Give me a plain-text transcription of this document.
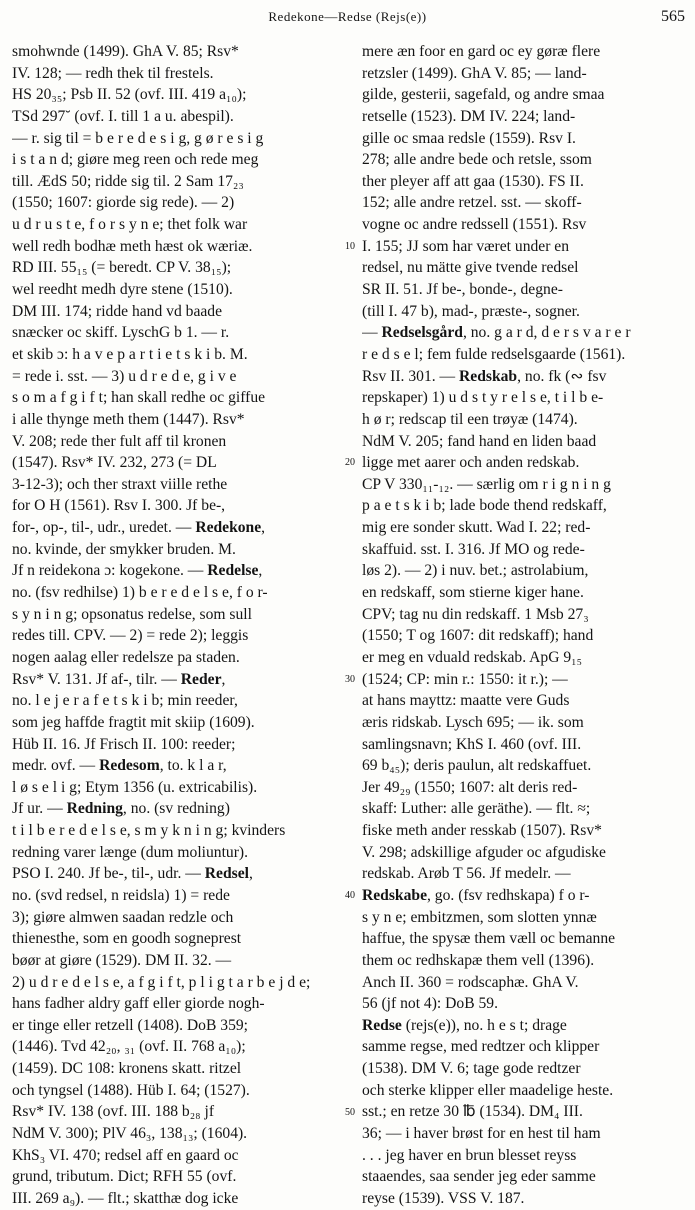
Redekone—Redse (Rejs(e))	565
smohwnde (1499). GhA V. 85; Rsv*
IV. 128; — redh thek til frestels.
HS 20₃₅; Psb II. 52 (ovf. III. 419 a₁₀);
TSd 297˘ (ovf. I. till 1 a u. abespil).
— r. sig til = b e r e d e s i g, g ø r e s i g
i s t a n d; giøre meg reen och rede meg
till. ÆdS 50; ridde sig til. 2 Sam 17₂₃
(1550; 1607: giorde sig rede). — 2)
u d r u s t e, f o r s y n e; thet folk war
well redh bodhæ meth hæst ok wæriæ.
RD III. 55₁₅ (= beredt. CP V. 38₁₅);
wel reedht medh dyre stene (1510).
DM III. 174; ridde hand vd baade
snæcker oc skiff. LyschG b 1. — r.
et skib ɔ: h a v e p a r t i e t s k i b. M.
= rede i. sst. — 3) u d r e d e, g i v e
s o m a f g i f t; han skall redhe oc giffue
i alle thynge meth them (1447). Rsv*
V. 208; rede ther fult aff til kronen
(1547). Rsv* IV. 232, 273 (= DL
3-12-3); och ther straxt viille rethe
for O H (1561). Rsv I. 300. Jf be-,
for-, op-, til-, udr., uredet. — Redekone,
no. kvinde, der smykker bruden. M.
Jf n reidekona ɔ: kogekone. — Redelse,
no. (fsv redhilse) 1) b e r e d e l s e, f o r-
s y n i n g; opsonatus redelse, som sull
redes till. CPV. — 2) = rede 2); leggis
nogen aalag eller redelsze pa staden.
Rsv* V. 131. Jf af-, tilr. — Reder,
no. l e j e r a f e t s k i b; min reeder,
som jeg haffde fragtit mit skiip (1609).
Hüb II. 16. Jf Frisch II. 100: reeder;
medr. ovf. — Redesom, to. k l a r,
l ø s e l i g; Etym 1356 (u. extricabilis).
Jf ur. — Redning, no. (sv redning)
t i l b e r e d e l s e, s m y k n i n g; kvinders
redning varer længe (dum moliuntur).
PSO I. 240. Jf be-, til-, udr. — Redsel,
no. (svd redsel, n reidsla) 1) = rede
3); giøre almwen saadan redzle och
thienesthe, som en goodh sogneprest
bøør at giøre (1529). DM II. 32. —
2) u d r e d e l s e, a f g i f t, p l i g t a r b e j d e;
hans fadher aldry gaff eller giorde nogh-
er tinge eller retzell (1408). DoB 359;
(1446). Tvd 42₂₀, ₃₁ (ovf. II. 768 a₁₀);
(1459). DC 108: kronens skatt. ritzel
och tyngsel (1488). Hüb I. 64; (1527).
Rsv* IV. 138 (ovf. III. 188 b₂₈ jf
NdM V. 300); PlV 46₃, 138₁₃; (1604).
KhS₃ VI. 470; redsel aff en gaard oc
grund, tributum. Dict; RFH 55 (ovf.
III. 269 a₉). — flt.; skatthæ dog icke
10
20
30
40
50
mere æn foor en gard oc ey gøræ flere
retzsler (1499). GhA V. 85; — land-
gilde, gesterii, sagefald, og andre smaa
retselle (1523). DM IV. 224; land-
gille oc smaa redsle (1559). Rsv I.
278; alle andre bede och retsle, ssom
ther pleyer aff att gaa (1530). FS II.
152; alle andre retzel. sst. — skoff-
vogne oc andre redssell (1551). Rsv
I. 155; JJ som har været under en
redsel, nu mätte give tvende redsel
SR II. 51. Jf be-, bonde-, degne-
(till I. 47 b), mad-, præste-, sogner.
— Redselsgård, no. g a r d, d e r s v a r e r
r e d s e l; fem fulde redselsgaarde (1561).
Rsv II. 301. — Redskab, no. fk (∾ fsv
repskaper) 1) u d s t y r e l s e, t i l b e-
h ø r; redscap til een trøyæ (1474).
NdM V. 205; fand hand en liden baad
ligge met aarer och anden redskab.
CP V 330₁₁-₁₂. — særlig om r i g n i n g
p a e t s k i b; lade bode thend redskaff,
mig ere sonder skutt. Wad I. 22; red-
skaffuid. sst. I. 316. Jf MO og rede-
løs 2). — 2) i nuv. bet.; astrolabium,
en redskaff, som stierne kiger hane.
CPV; tag nu din redskaff. 1 Msb 27₃
(1550; T og 1607: dit redskaff); hand
er meg en vduald redskab. ApG 9₁₅
(1524; CP: min r.: 1550: it r.); —
at hans mayttz: maatte vere Guds
æris ridskab. Lysch 695; — ik. som
samlingsnavn; KhS I. 460 (ovf. III.
69 b₄₅); deris paulun, alt redskaffuet.
Jer 49₂₉ (1550; 1607: alt deris red-
skaff: Luther: alle geräthe). — flt. ≈;
fiske meth ander resskab (1507). Rsv*
V. 298; adskillige afguder oc afgudiske
redskab. Arøb T 56. Jf medelr. —
Redskabe, go. (fsv redhskapa) f o r-
s y n e; embitzmen, som slotten ynnæ
haffue, the spysæ them væll oc bemanne
them oc redhskapæ them vell (1396).
Anch II. 360 = rodscaphæ. GhA V.
56 (jf not 4): DoB 59.
Redse (rejs(e)), no. h e s t; drage
samme regse, med redtzer och klipper
(1538). DM V. 6; tage gode redtzer
och sterke klipper eller maadelige heste.
sst.; en retze 30 ℔ (1534). DM₄ III.
36; — i haver brøst for en hest til ham
. . . jeg haver en brun blesset reyss
staaendes, saa sender jeg eder samme
reyse (1539). VSS V. 187.
